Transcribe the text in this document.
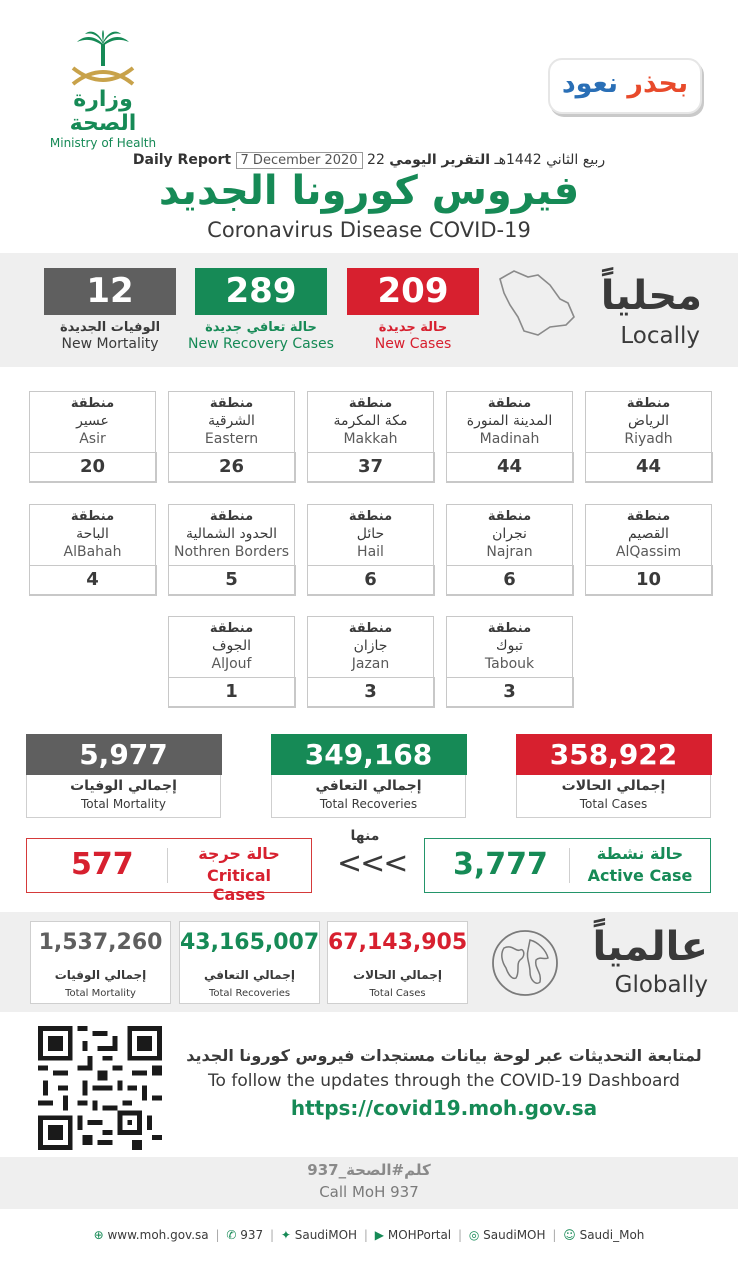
وزارة الصحة
Ministry of Health
بحذر نعود
Daily Report 7 December 2020 22 ربيع الثاني 1442هـ التقرير اليومي
فيروس كورونا الجديد
Coronavirus Disease COVID-19
12
الوفيات الجديدة
New Mortality
289
حالة تعافي جديدة
New Recovery Cases
209
حالة جديدة
New Cases
محلياً
Locally
منطقة
الرياض
Riyadh
44
منطقة
المدينة المنورة
Madinah
44
منطقة
مكة المكرمة
Makkah
37
منطقة
الشرقية
Eastern
26
منطقة
عسير
Asir
20
منطقة
القصيم
AlQassim
10
منطقة
نجران
Najran
6
منطقة
حائل
Hail
6
منطقة
الحدود الشمالية
Nothren Borders
5
منطقة
الباحة
AlBahah
4
منطقة
تبوك
Tabouk
3
منطقة
جازان
Jazan
3
منطقة
الجوف
AlJouf
1
358,922
إجمالي الحالات
Total Cases
349,168
إجمالي التعافي
Total Recoveries
5,977
إجمالي الوفيات
Total Mortality
3,777	حالة نشطة
Active Case
منها
<<<
577	حالة حرجة
Critical Cases
67,143,905
إجمالي الحالات
Total Cases
43,165,007
إجمالي التعافي
Total Recoveries
1,537,260
إجمالي الوفيات
Total Mortality
عالمياً
Globally
لمتابعة التحديثات عبر لوحة بيانات مستجدات فيروس كورونا الجديد
To follow the updates through the COVID-19 Dashboard
https://covid19.moh.gov.sa
كلم#الصحة_937
Call MoH 937
⊕ www.moh.gov.sa | ✆ 937 | ✦ SaudiMOH | ▶ MOHPortal | ◎ SaudiMOH | ☺ Saudi_Moh
